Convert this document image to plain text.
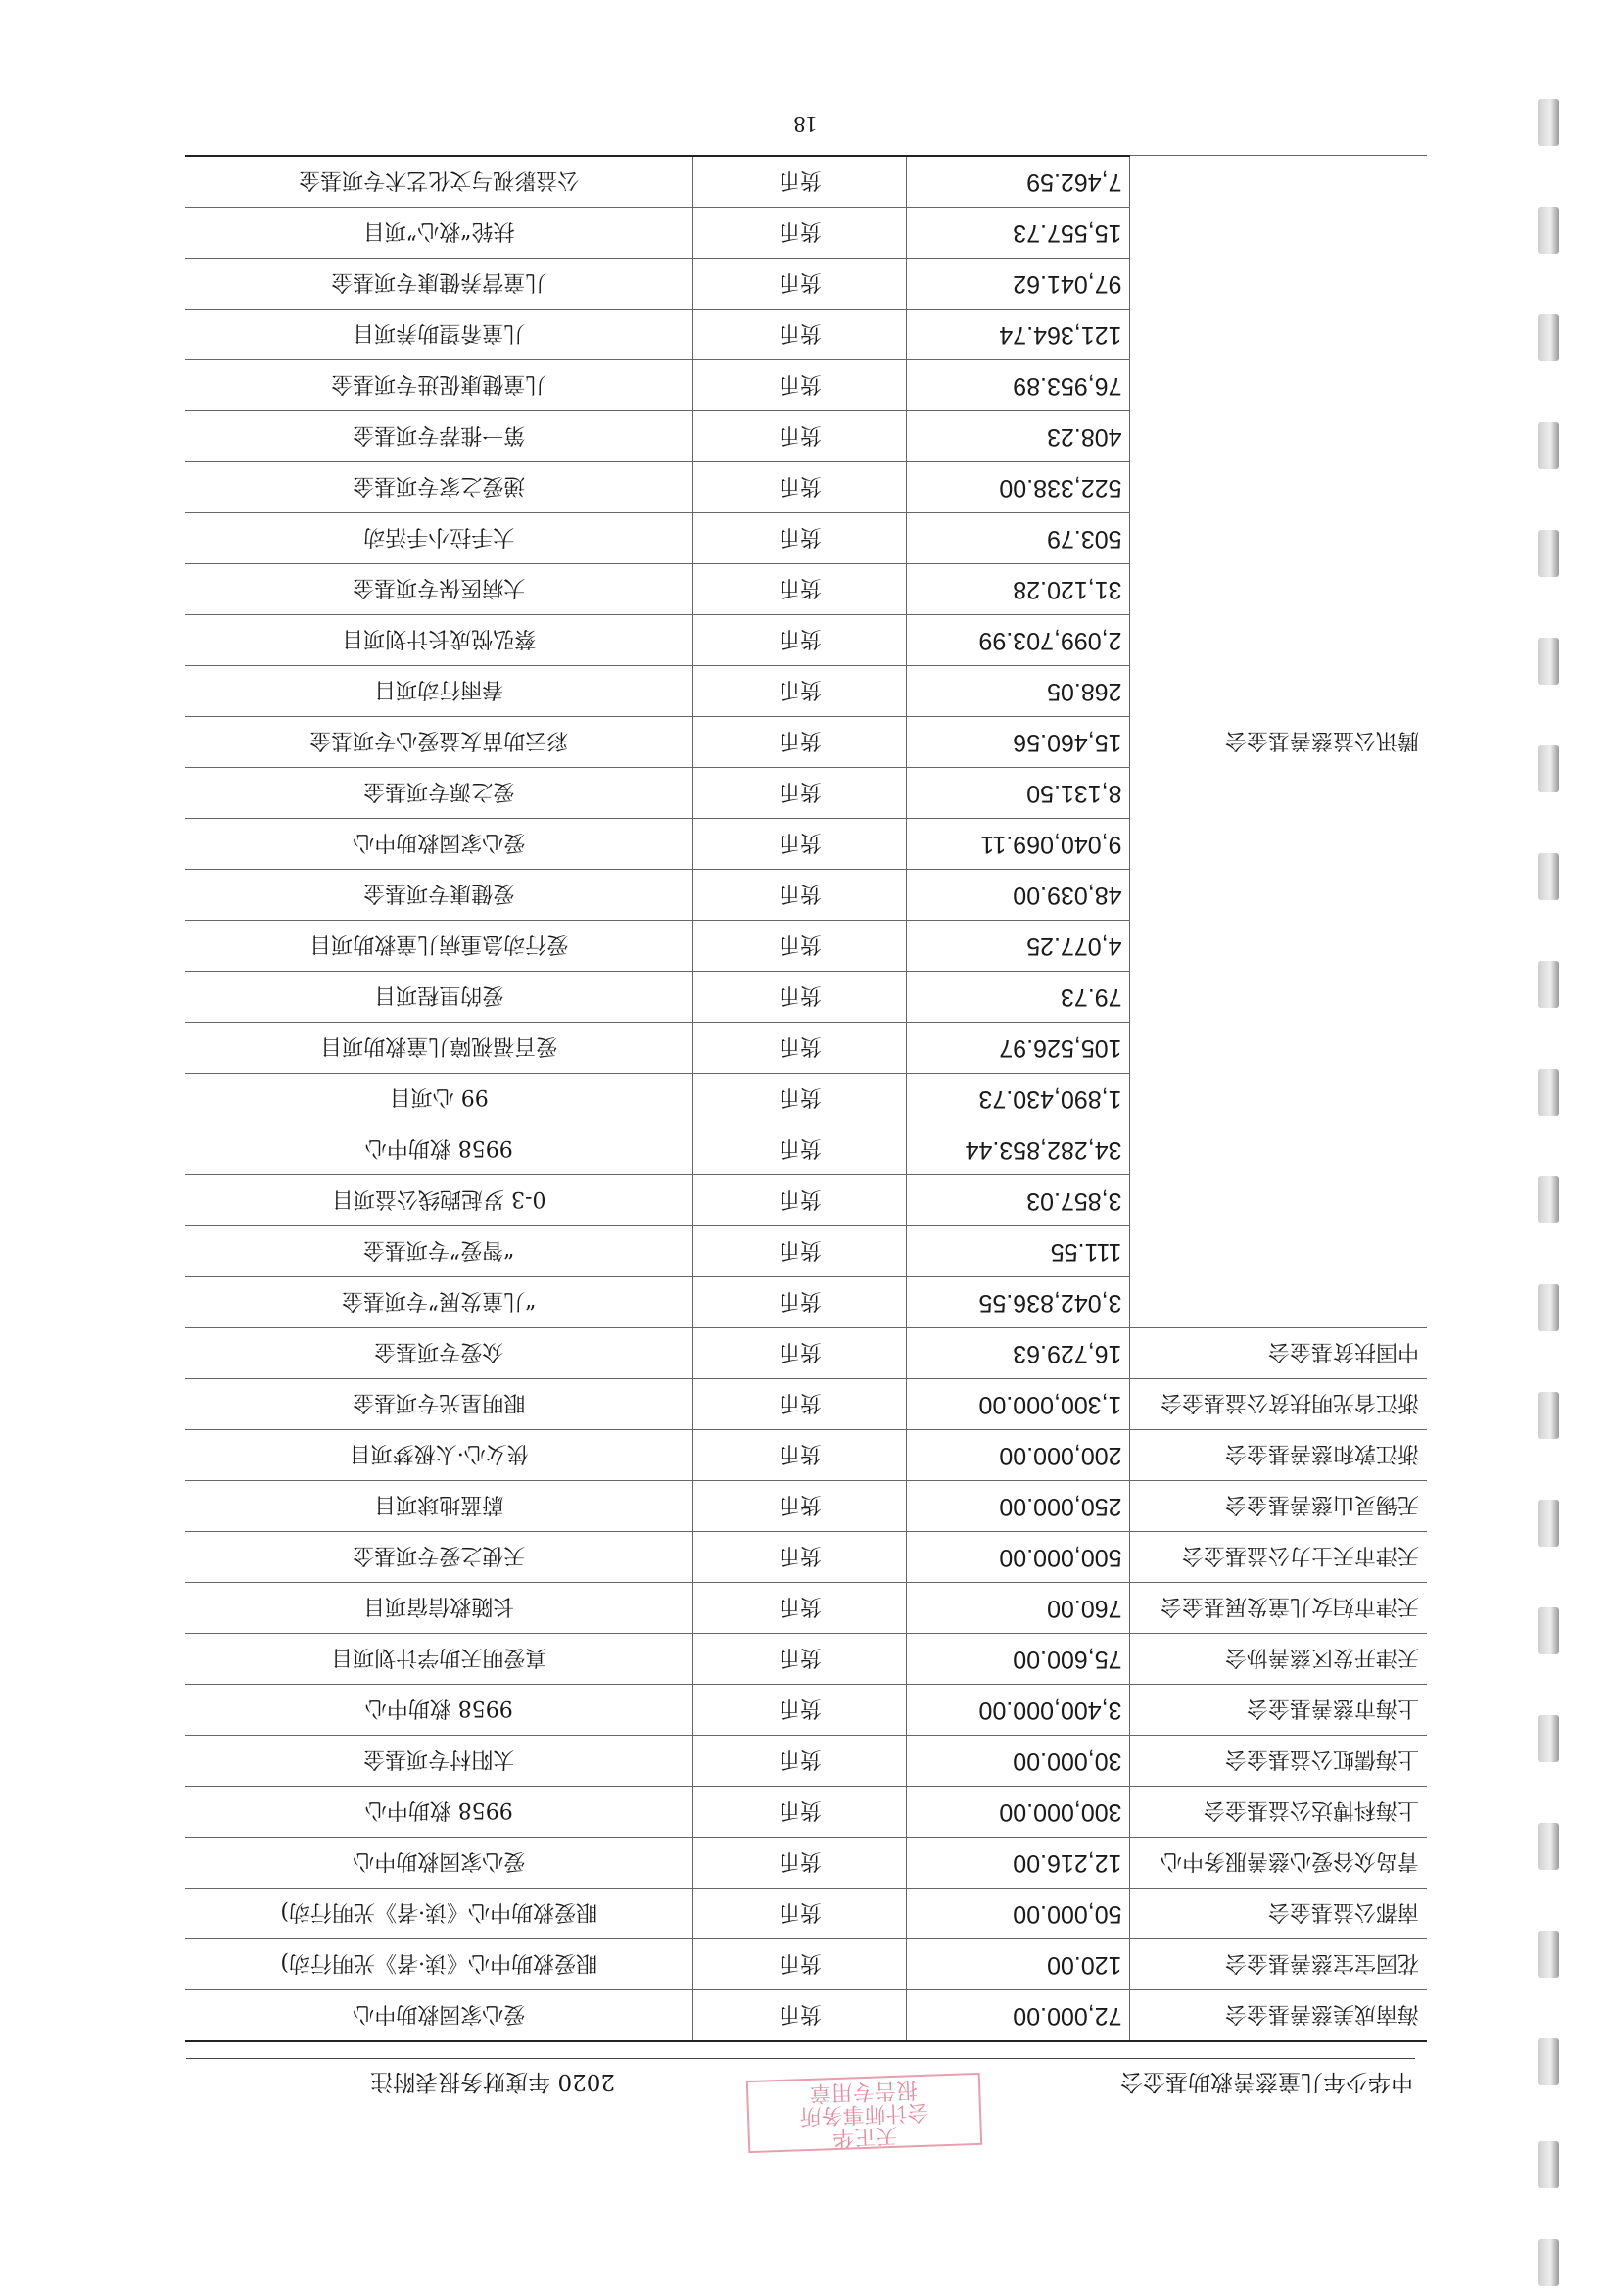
中华少年儿童慈善救助基金会
2020 年度财务报表附注
天正华
会计师事务所
报告专用章
海南成美慈善基金会	72,000.00	货币	爱心家园救助中心
花园宝宝慈善基金会	120.00	货币	眼爱救助中心《读·者》光明行动)
南都公益基金会	50,000.00	货币	眼爱救助中心《读·者》光明行动)
青岛众谷爱心慈善服务中心	12,216.00	货币	爱心家园救助中心
上海科博达公益基金会	300,000.00	货币	9958 救助中心
上海儒虹公益基金会	30,000.00	货币	太阳村专项基金
上海市慈善基金会	3,400,000.00	货币	9958 救助中心
天津开发区慈善协会	75,600.00	货币	真爱明天助学计划项目
天津市妇女儿童发展基金会	760.00	货币	长随救信宿项目
天津市天士力公益基金会	500,000.00	货币	天使之爱专项基金
无锡灵山慈善基金会	250,000.00	货币	蔚蓝地球项目
浙江敦和慈善基金会	200,000.00	货币	侠女心·太极梦项目
浙江省光明扶贫公益基金会	1,300,000.00	货币	眼明星光专项基金
中国扶贫基金会	16,729.63	货币	众爱专项基金
腾讯公益慈善基金会	3,042,836.55	货币	“儿童发展”专项基金
	111.55	货币	“智爱”专项基金
	3,857.03	货币	0-3 岁起跑线公益项目
	34,282,853.44	货币	9958 救助中心
	1,890,430.73	货币	99 心项目
	105,526.97	货币	爱百福视障儿童救助项目
	79.73	货币	爱的里程项目
	4,077.25	货币	爱行动急重病儿童救助项目
	48,039.00	货币	爱健康专项基金
	9,040,069.11	货币	爱心家园救助中心
	8,131.50	货币	爱之源专项基金
	15,460.56	货币	彩云助苗友益爱心专项基金
	268.05	货币	春雨行动项目
	2,099,703.99	货币	蔡弘悦成长计划项目
	31,120.28	货币	大病医保专项基金
	503.79	货币	大手拉小手活动
	522,338.00	货币	递爱之家专项基金
	408.23	货币	第一推荐专项基金
	76,953.89	货币	儿童健康促进专项基金
	121,364.74	货币	儿童希望助养项目
	97,041.62	货币	儿童营养健康专项基金
	15,557.73	货币	扶轮“救心”项目
	7,462.59	货币	公益影视与文化艺术专项基金
18
